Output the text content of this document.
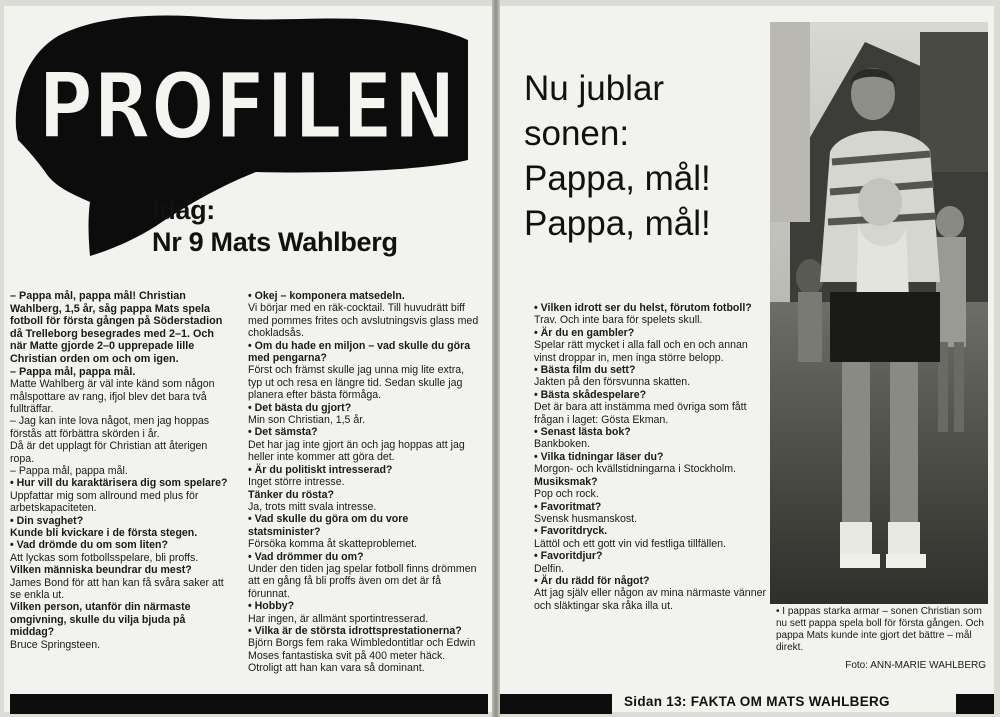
PROFILEN
Idag:
Nr 9 Mats Wahlberg

– Pappa mål, pappa mål! Christian Wahlberg, 1,5 år, såg pappa Mats spela fotboll för första gången på Söderstadion då Trelleborg besegrades med 2–1. Och när Matte gjorde 2–0 upprepade lille Christian orden om och om igen.

– Pappa mål, pappa mål.

Matte Wahlberg är väl inte känd som någon målspottare av rang, ifjol blev det bara två fullträffar.

– Jag kan inte lova något, men jag hoppas förstås att förbättra skörden i år.

Då är det upplagt för Christian att återigen ropa.

– Pappa mål, pappa mål.

• Hur vill du karaktärisera dig som spelare?

Uppfattar mig som allround med plus för arbetskapaciteten.

• Din svaghet?

Kunde bli kvickare i de första stegen.

• Vad drömde du om som liten?

Att lyckas som fotbollsspelare, bli proffs.

Vilken människa beundrar du mest?

James Bond för att han kan få svåra saker att se enkla ut.

Vilken person, utanför din närmaste omgivning, skulle du vilja bjuda på middag?

Bruce Springsteen.

• Okej – komponera matsedeln.

Vi börjar med en räk-cocktail. Till huvudrätt biff med pommes frites och avslutningsvis glass med chokladsås.

• Om du hade en miljon – vad skulle du göra med pengarna?

Först och främst skulle jag unna mig lite extra, typ ut och resa en längre tid. Sedan skulle jag planera efter bästa förmåga.

• Det bästa du gjort?

Min son Christian, 1,5 år.

• Det sämsta?

Det har jag inte gjort än och jag hoppas att jag heller inte kommer att göra det.

• Är du politiskt intresserad?

Inget större intresse.

Tänker du rösta?

Ja, trots mitt svala intresse.

• Vad skulle du göra om du vore statsminister?

Försöka komma åt skatteproblemet.

• Vad drömmer du om?

Under den tiden jag spelar fotboll finns drömmen att en gång få bli proffs även om det är få förunnat.

• Hobby?

Har ingen, är allmänt sportintresserad.

• Vilka är de största idrottsprestationerna?

Björn Borgs fem raka Wimbledontitlar och Edwin Moses fantastiska svit på 400 meter häck. Otroligt att han kan vara så dominant.

Nu jublar
sonen:
Pappa, mål!
Pappa, mål!

• Vilken idrott ser du helst, förutom fotboll?

Trav. Och inte bara för spelets skull.

• Är du en gambler?

Spelar rätt mycket i alla fall och en och annan vinst droppar in, men inga större belopp.

• Bästa film du sett?

Jakten på den försvunna skatten.

• Bästa skådespelare?

Det är bara att instämma med övriga som fått frågan i laget: Gösta Ekman.

• Senast lästa bok?

Bankboken.

• Vilka tidningar läser du?

Morgon- och kvällstidningarna i Stockholm.

Musiksmak?

Pop och rock.

• Favoritmat?

Svensk husmanskost.

• Favoritdryck.

Lättöl och ett gott vin vid festliga tillfällen.

• Favoritdjur?

Delfin.

• Är du rädd för något?

Att jag själv eller någon av mina närmaste vänner och släktingar ska råka illa ut.	• I pappas starka armar – sonen Christian som nu sett pappa spela boll för första gången. Och pappa Mats kunde inte gjort det bättre – mål direkt.
Foto: ANN-MARIE WAHLBERG
Sidan 13: FAKTA OM MATS WAHLBERG
